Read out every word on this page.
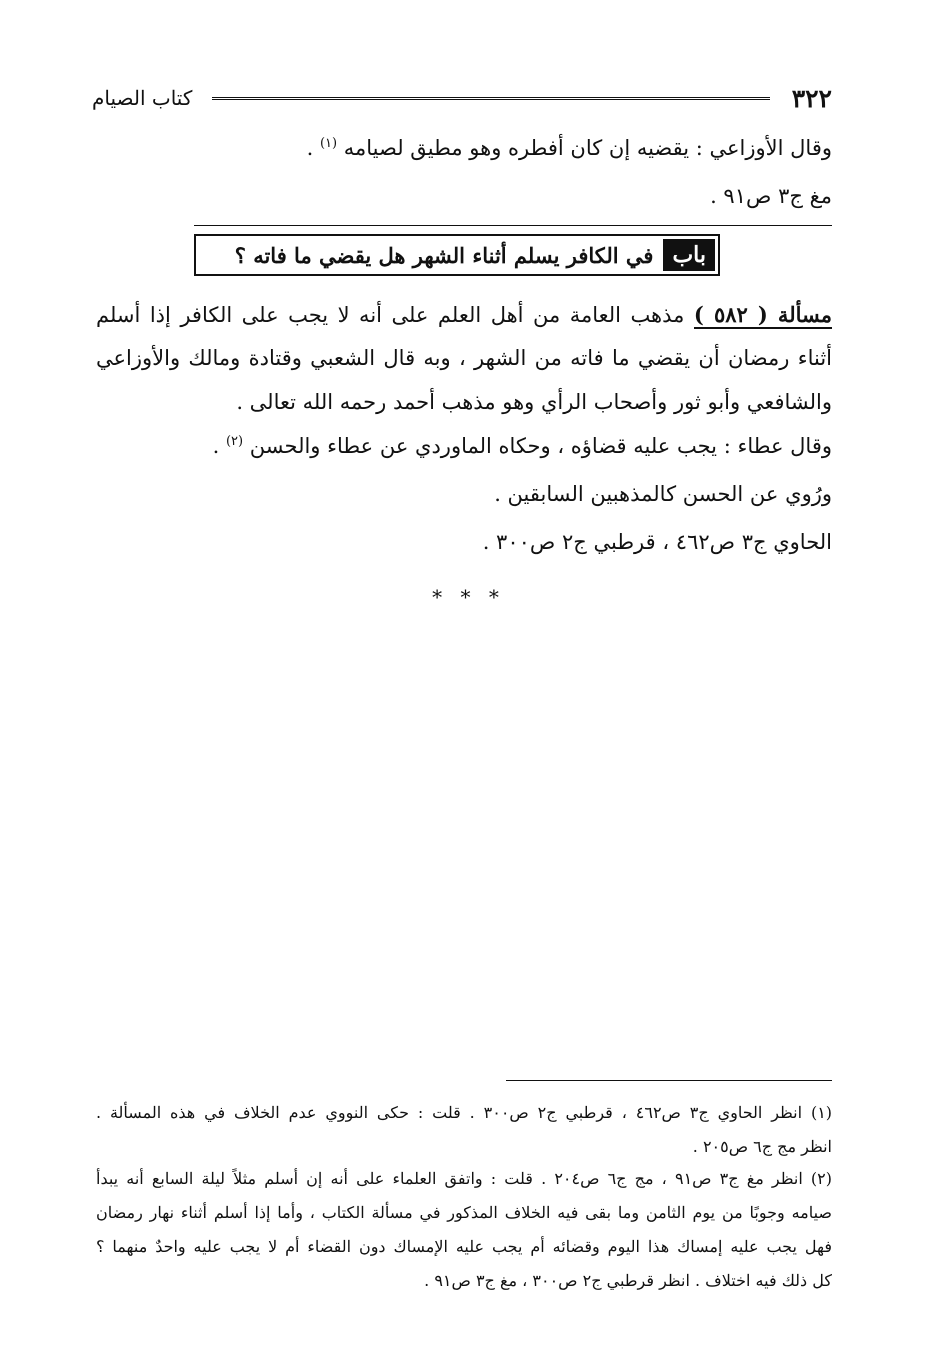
٣٢٢
كتاب الصيام
وقال الأوزاعي : يقضيه إن كان أفطره وهو مطيق لصيامه $^{(١)}$ .
مغ ج٣ ص٩١ .
باب
في الكافر يسلم أثناء الشهر هل يقضي ما فاته ؟
مسألة ( ٥٨٢ ) مذهب العامة من أهل العلم على أنه لا يجب على الكافر إذا أسلم
أثناء رمضان أن يقضي ما فاته من الشهر ، وبه قال الشعبي وقتادة ومالك والأوزاعي
والشافعي وأبو ثور وأصحاب الرأي وهو مذهب أحمد رحمه الله تعالى .
وقال عطاء : يجب عليه قضاؤه ، وحكاه الماوردي عن عطاء والحسن $^{(٢)}$ .
ورُوي عن الحسن كالمذهبين السابقين .
الحاوي ج٣ ص٤٦٢ ، قرطبي ج٢ ص٣٠٠ .
* * *
(١) انظر الحاوي ج٣ ص٤٦٢ ، قرطبي ج٢ ص٣٠٠ . قلت : حكى النووي عدم الخلاف في هذه المسألة .
انظر مج ج٦ ص٢٠٥ .
(٢) انظر مغ ج٣ ص٩١ ، مج ج٦ ص٢٠٤ . قلت : واتفق العلماء على أنه إن أسلم مثلاً ليلة السابع أنه يبدأ
صيامه وجوبًا من يوم الثامن وما بقى فيه الخلاف المذكور في مسألة الكتاب ، وأما إذا أسلم أثناء نهار رمضان
فهل يجب عليه إمساك هذا اليوم وقضائه أم يجب عليه الإمساك دون القضاء أم لا يجب عليه واحدٌ منهما ؟
كل ذلك فيه اختلاف . انظر قرطبي ج٢ ص٣٠٠ ، مغ ج٣ ص٩١ .
